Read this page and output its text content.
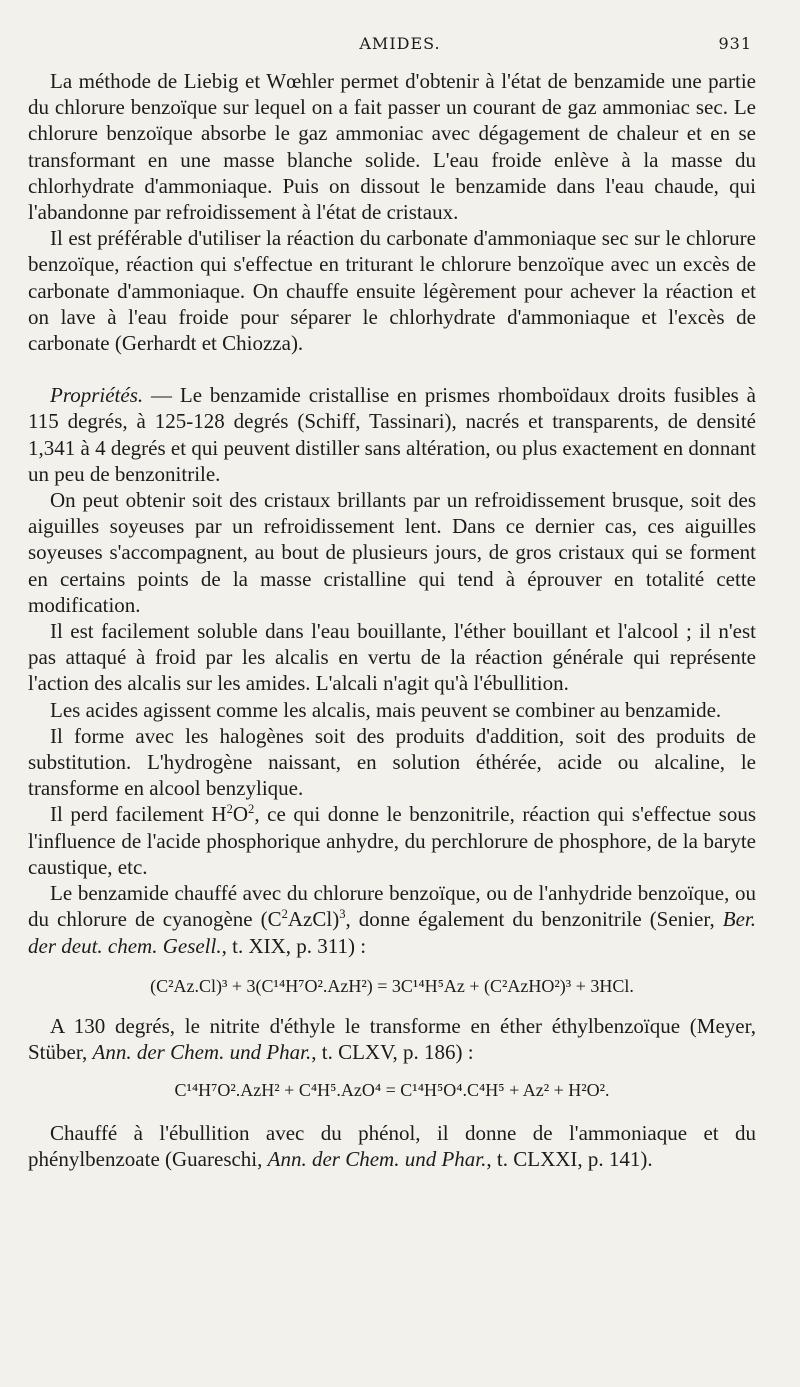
AMIDES.	931

La méthode de Liebig et Wœhler permet d'obtenir à l'état de benzamide une partie du chlorure benzoïque sur lequel on a fait passer un courant de gaz ammoniac sec. Le chlorure benzoïque absorbe le gaz ammoniac avec dégagement de chaleur et en se transformant en une masse blanche solide. L'eau froide enlève à la masse du chlorhydrate d'ammoniaque. Puis on dissout le benzamide dans l'eau chaude, qui l'abandonne par refroidissement à l'état de cristaux.

Il est préférable d'utiliser la réaction du carbonate d'ammoniaque sec sur le chlorure benzoïque, réaction qui s'effectue en triturant le chlorure benzoïque avec un excès de carbonate d'ammoniaque. On chauffe ensuite légèrement pour achever la réaction et on lave à l'eau froide pour séparer le chlorhydrate d'ammoniaque et l'excès de carbonate (Gerhardt et Chiozza).

Propriétés. — Le benzamide cristallise en prismes rhomboïdaux droits fusibles à 115 degrés, à 125-128 degrés (Schiff, Tassinari), nacrés et transparents, de densité 1,341 à 4 degrés et qui peuvent distiller sans altération, ou plus exactement en donnant un peu de benzonitrile.

On peut obtenir soit des cristaux brillants par un refroidissement brusque, soit des aiguilles soyeuses par un refroidissement lent. Dans ce dernier cas, ces aiguilles soyeuses s'accompagnent, au bout de plusieurs jours, de gros cristaux qui se forment en certains points de la masse cristalline qui tend à éprouver en totalité cette modification.

Il est facilement soluble dans l'eau bouillante, l'éther bouillant et l'alcool ; il n'est pas attaqué à froid par les alcalis en vertu de la réaction générale qui représente l'action des alcalis sur les amides. L'alcali n'agit qu'à l'ébullition.

Les acides agissent comme les alcalis, mais peuvent se combiner au benzamide.

Il forme avec les halogènes soit des produits d'addition, soit des produits de substitution. L'hydrogène naissant, en solution éthérée, acide ou alcaline, le transforme en alcool benzylique.

Il perd facilement $H^2O^2$, ce qui donne le benzonitrile, réaction qui s'effectue sous l'influence de l'acide phosphorique anhydre, du perchlorure de phosphore, de la baryte caustique, etc.

Le benzamide chauffé avec du chlorure benzoïque, ou de l'anhydride benzoïque, ou du chlorure de cyanogène $(C^2AzCl)^3$, donne également du benzonitrile (Senier, Ber. der deut. chem. Gesell., t. XIX, p. 311) :

(C²Az.Cl)³ + 3(C¹⁴H⁷O².AzH²) = 3C¹⁴H⁵Az + (C²AzHO²)³ + 3HCl.

A 130 degrés, le nitrite d'éthyle le transforme en éther éthylbenzoïque (Meyer, Stüber, Ann. der Chem. und Phar., t. CLXV, p. 186) :

C¹⁴H⁷O².AzH² + C⁴H⁵.AzO⁴ = C¹⁴H⁵O⁴.C⁴H⁵ + Az² + H²O².

Chauffé à l'ébullition avec du phénol, il donne de l'ammoniaque et du phénylbenzoate (Guareschi, Ann. der Chem. und Phar., t. CLXXI, p. 141).
